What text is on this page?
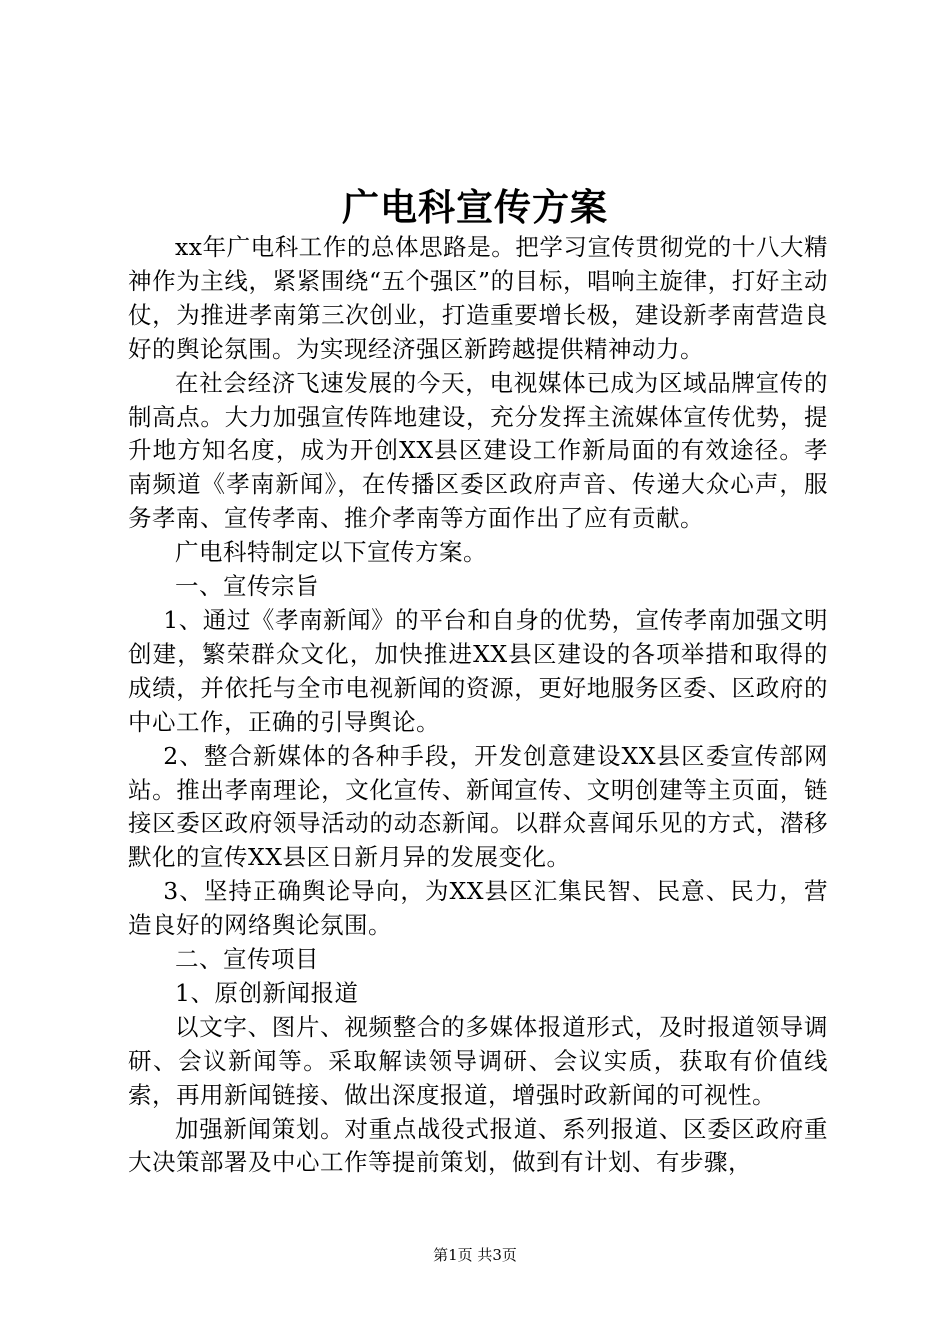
广电科宣传方案

xx年广电科工作的总体思路是。把学习宣传贯彻党的十八大精神作为主线，紧紧围绕“五个强区”的目标，唱响主旋律，打好主动仗，为推进孝南第三次创业，打造重要增长极，建设新孝南营造良好的舆论氛围。为实现经济强区新跨越提供精神动力。

在社会经济飞速发展的今天，电视媒体已成为区域品牌宣传的制高点。大力加强宣传阵地建设，充分发挥主流媒体宣传优势，提升地方知名度，成为开创XX县区建设工作新局面的有效途径。孝南频道《孝南新闻》，在传播区委区政府声音、传递大众心声，服务孝南、宣传孝南、推介孝南等方面作出了应有贡献。

广电科特制定以下宣传方案。

一、宣传宗旨

1、通过《孝南新闻》的平台和自身的优势，宣传孝南加强文明创建，繁荣群众文化，加快推进XX县区建设的各项举措和取得的成绩，并依托与全市电视新闻的资源，更好地服务区委、区政府的中心工作，正确的引导舆论。

2、整合新媒体的各种手段，开发创意建设XX县区委宣传部网站。推出孝南理论，文化宣传、新闻宣传、文明创建等主页面，链接区委区政府领导活动的动态新闻。以群众喜闻乐见的方式，潜移默化的宣传XX县区日新月异的发展变化。

3、坚持正确舆论导向，为XX县区汇集民智、民意、民力，营造良好的网络舆论氛围。

二、宣传项目

1、原创新闻报道

以文字、图片、视频整合的多媒体报道形式，及时报道领导调研、会议新闻等。采取解读领导调研、会议实质，获取有价值线索，再用新闻链接、做出深度报道，增强时政新闻的可视性。

加强新闻策划。对重点战役式报道、系列报道、区委区政府重大决策部署及中心工作等提前策划，做到有计划、有步骤，

第1页 共3页
